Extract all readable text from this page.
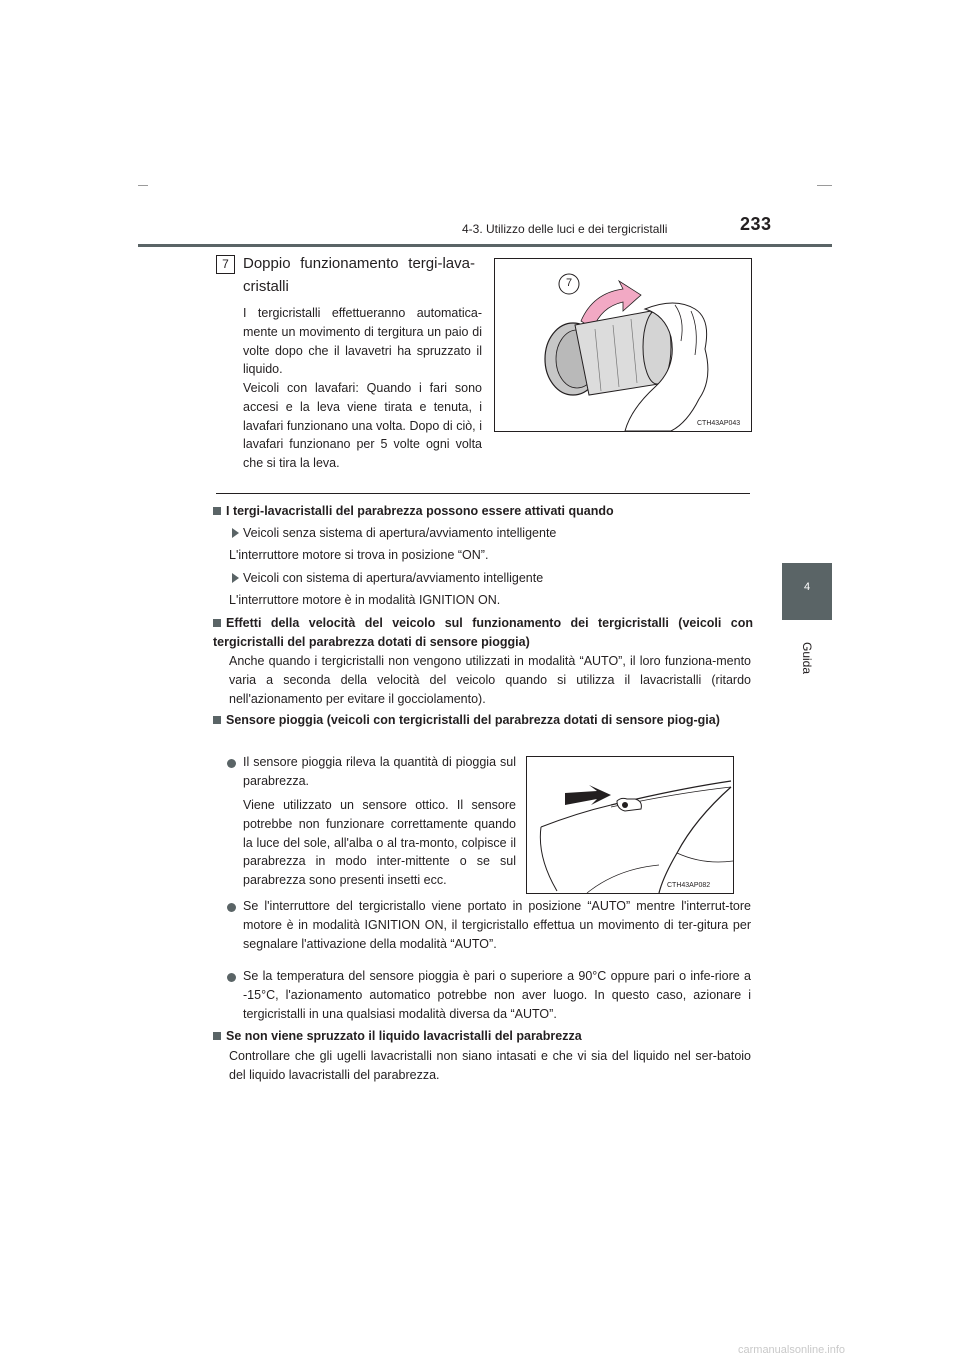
4-3. Utilizzo delle luci e dei tergicristalli	233
4
Guida
7 Doppio funzionamento tergi-lava-cristalli
I tergicristalli effettueranno automatica-mente un movimento di tergitura un paio di volte dopo che il lavavetri ha spruzzato il liquido.
Veicoli con lavafari: Quando i fari sono accesi e la leva viene tirata e tenuta, i lavafari funzionano una volta. Dopo di ciò, i lavafari funzionano per 5 volte ogni volta che si tira la leva.
7
CTH43AP043
I tergi-lavacristalli del parabrezza possono essere attivati quando
Veicoli senza sistema di apertura/avviamento intelligente
L'interruttore motore si trova in posizione “ON”.
Veicoli con sistema di apertura/avviamento intelligente
L'interruttore motore è in modalità IGNITION ON.
Effetti della velocità del veicolo sul funzionamento dei tergicristalli (veicoli con tergicristalli del parabrezza dotati di sensore pioggia)
Anche quando i tergicristalli non vengono utilizzati in modalità “AUTO”, il loro funziona-mento varia a seconda della velocità del veicolo quando si utilizza il lavacristalli (ritardo nell'azionamento per evitare il gocciolamento).
Sensore pioggia (veicoli con tergicristalli del parabrezza dotati di sensore piog-gia)
Il sensore pioggia rileva la quantità di pioggia sul parabrezza.
Viene utilizzato un sensore ottico. Il sensore potrebbe non funzionare correttamente quando la luce del sole, all'alba o al tra-monto, colpisce il parabrezza in modo inter-mittente o se sul parabrezza sono presenti insetti ecc.	CTH43AP082
Se l'interruttore del tergicristallo viene portato in posizione “AUTO” mentre l'interrut-tore motore è in modalità IGNITION ON, il tergicristallo effettua un movimento di ter-gitura per segnalare l'attivazione della modalità “AUTO”.
Se la temperatura del sensore pioggia è pari o superiore a 90°C oppure pari o infe-riore a -15°C, l'azionamento automatico potrebbe non aver luogo. In questo caso, azionare i tergicristalli in una qualsiasi modalità diversa da “AUTO”.
Se non viene spruzzato il liquido lavacristalli del parabrezza
Controllare che gli ugelli lavacristalli non siano intasati e che vi sia del liquido nel ser-batoio del liquido lavacristalli del parabrezza.
carmanualsonline.info
